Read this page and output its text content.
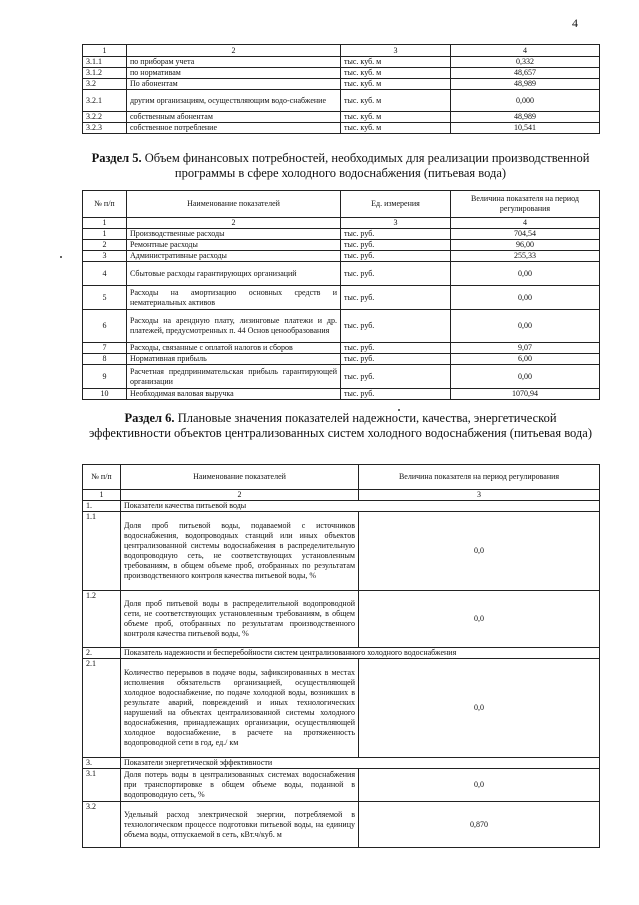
4
1	2	3	4
3.1.1	по приборам учета	тыс. куб. м	0,332
3.1.2	по нормативам	тыс. куб. м	48,657
3.2	По абонентам	тыс. куб. м	48,989
3.2.1	другим организациям, осуществляющим водо-снабжение	тыс. куб. м	0,000
3.2.2	собственным абонентам	тыс. куб. м	48,989
3.2.3	собственное потребление	тыс. куб. м	10,541
Раздел 5. Объем финансовых потребностей, необходимых для реализации производственной программы в сфере холодного водоснабжения (питьевая вода)
№ п/п	Наименование показателей	Ед. измерения	Величина показателя на период регулирования
1	2	3	4
1	Производственные расходы	тыс. руб.	704,54
2	Ремонтные расходы	тыс. руб.	96,00
3	Административные расходы	тыс. руб.	255,33
4	Сбытовые расходы гарантирующих организаций	тыс. руб.	0,00
5	Расходы на амортизацию основных средств и нематериальных активов	тыс. руб.	0,00
6	Расходы на арендную плату, лизинговые платежи и др. платежей, предусмотренных п. 44 Основ ценообразования	тыс. руб.	0,00
7	Расходы, связанные с оплатой налогов и сборов	тыс. руб.	9,07
8	Нормативная прибыль	тыс. руб.	6,00
9	Расчетная предпринимательская прибыль гарантирующей организации	тыс. руб.	0,00
10	Необходимая валовая выручка	тыс. руб.	1070,94
Раздел 6. Плановые значения показателей надежности, качества, энергетической эффективности объектов централизованных систем холодного водоснабжения (питьевая вода)
№ п/п	Наименование показателей	Величина показателя на период регулирования
1	2	3
1.	Показатели качества питьевой воды	
1.1	Доля проб питьевой воды, подаваемой с источников водоснабжения, водопроводных станций или иных объектов централизованной системы водоснабжения в распределительную водопроводную сеть, не соответствующих установленным требованиям, в общем объеме проб, отобранных по результатам производственного контроля качества питьевой воды, %	0,0
1.2	Доля проб питьевой воды в распределительной водопроводной сети, не соответствующих установленным требованиям, в общем объеме проб, отобранных по результатам производственного контроля качества питьевой воды, %	0,0
2.	Показатель надежности и бесперебойности систем централизованного холодного водоснабжения	
2.1	Количество перерывов в подаче воды, зафиксированных в местах исполнения обязательств организацией, осуществляющей холодное водоснабжение, по подаче холодной воды, возникших в результате аварий, повреждений и иных технологических нарушений на объектах централизованной системы холодного водоснабжения, принадлежащих организации, осуществляющей холодное водоснабжение, в расчете на протяженность водопроводной сети в год, ед./ км	0,0
3.	Показатели энергетической эффективности	
3.1	Доля потерь воды в централизованных системах водоснабжения при транспортировке в общем объеме воды, поданной в водопроводную сеть, %	0,0
3.2	Удельный расход электрической энергии, потребляемой в технологическом процессе подготовки питьевой воды, на единицу объема воды, отпускаемой в сеть, кВт.ч/куб. м	0,870
